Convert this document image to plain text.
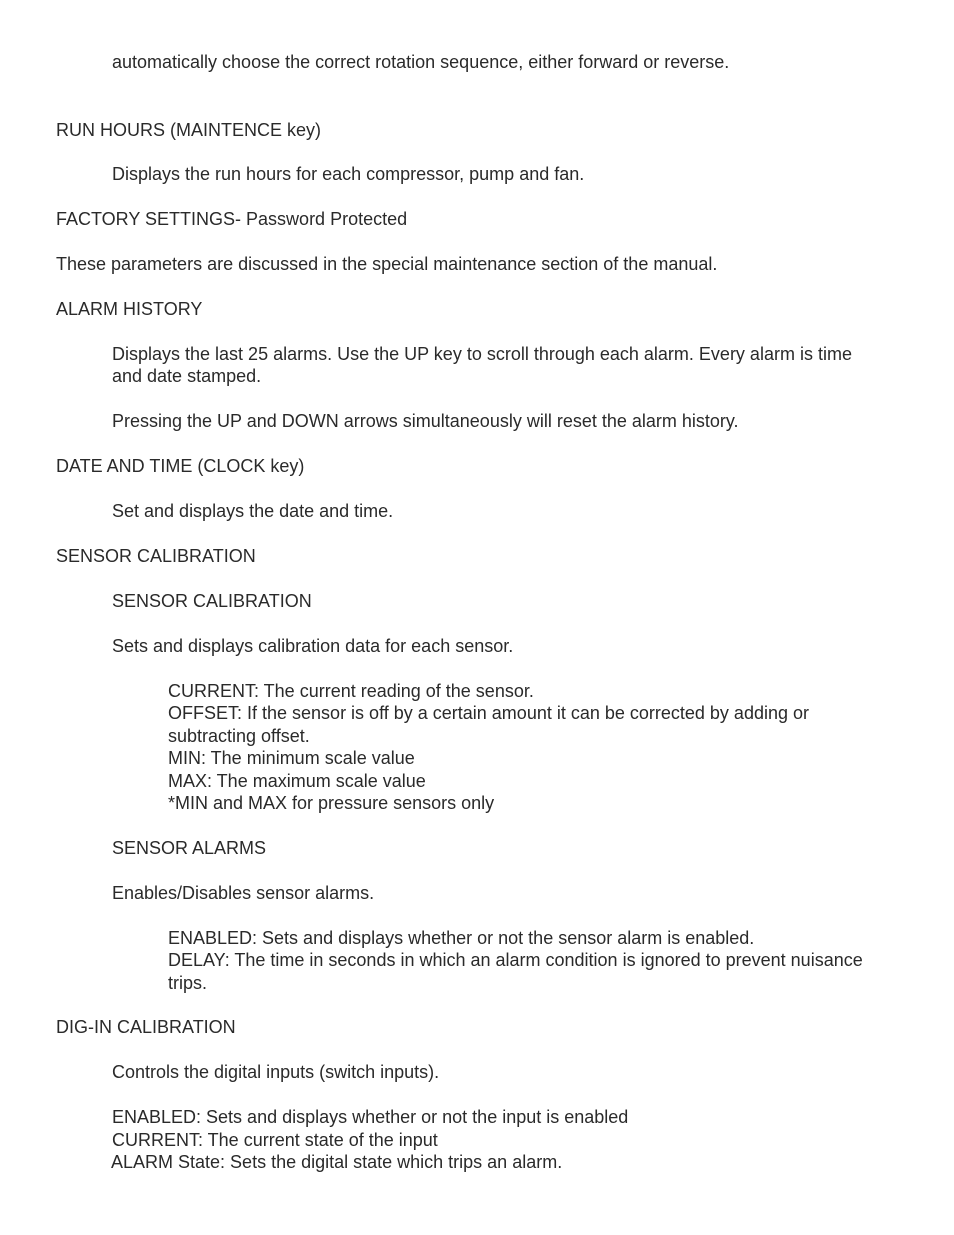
automatically choose the correct rotation sequence, either forward or reverse.

RUN HOURS (MAINTENCE key)

Displays the run hours for each compressor, pump and fan.

FACTORY SETTINGS- Password Protected

These parameters are discussed in the special maintenance section of the manual.

ALARM HISTORY

Displays the last 25 alarms. Use the UP key to scroll through each alarm. Every alarm is time

and date stamped.

Pressing the UP and DOWN arrows simultaneously will reset the alarm history.

DATE AND TIME (CLOCK key)

Set and displays the date and time.

SENSOR CALIBRATION

SENSOR CALIBRATION

Sets and displays calibration data for each sensor.

CURRENT: The current reading of the sensor.

OFFSET: If the sensor is off by a certain amount it can be corrected by adding or

subtracting offset.

MIN: The minimum scale value

MAX: The maximum scale value

*MIN and MAX for pressure sensors only

SENSOR ALARMS

Enables/Disables sensor alarms.

ENABLED: Sets and displays whether or not the sensor alarm is enabled.

DELAY: The time in seconds in which an alarm condition is ignored to prevent nuisance

trips.

DIG-IN CALIBRATION

Controls the digital inputs (switch inputs).

ENABLED: Sets and displays whether or not the input is enabled

CURRENT: The current state of the input

ALARM State: Sets the digital state which trips an alarm.
